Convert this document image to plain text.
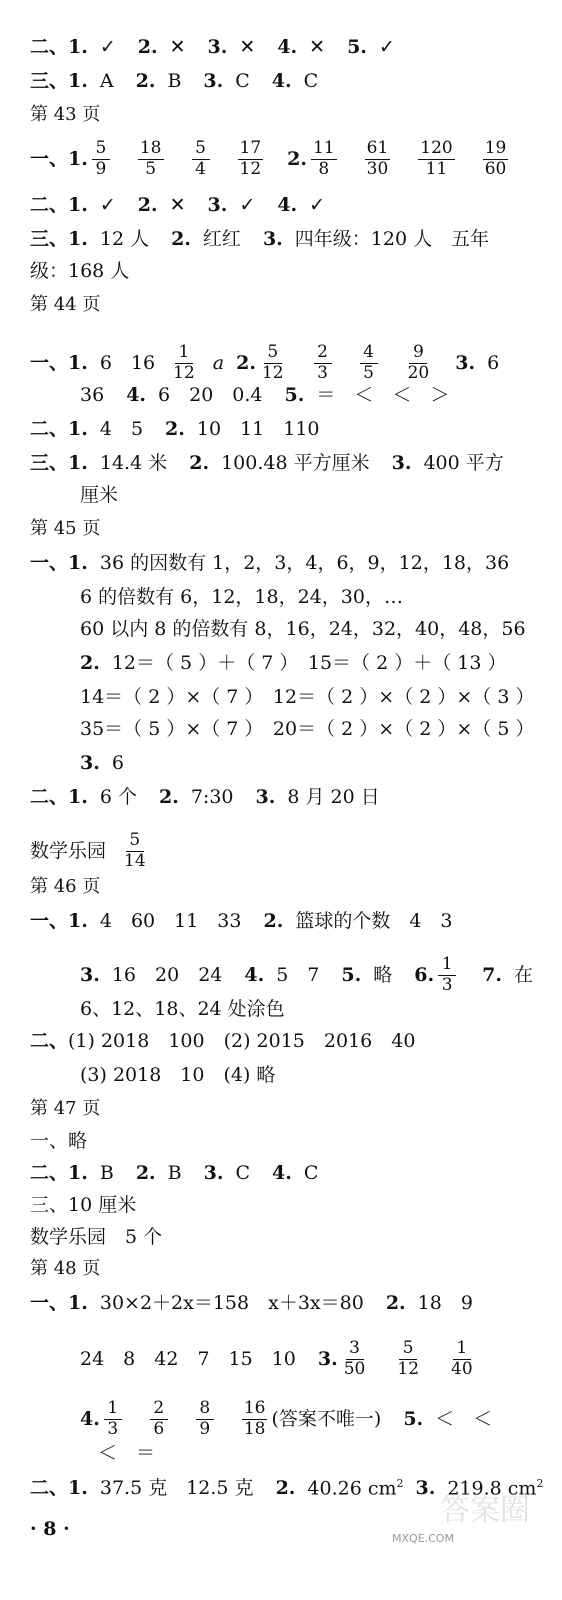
二、 1. ✓ 2. ✕ 3. ✕ 4. ✕ 5. ✓
三、 1. A 2. B 3. C 4. C
第 43 页
一、 1. $\frac{5}{9} \frac{18}{5} \frac{5}{4} \frac{17}{12} 2$. $\frac{11}{8} \frac{61}{30} \frac{120}{11} \frac{19}{60}$
二、 1. ✓ 2. ✕ 3. ✓ 4. ✓
三、 1. 12 人 2. 红红 3. 四年级：120 人　五年
级：168 人
第 44 页
一、 1. 6　$16 \frac{1}{12}$ a 2. $\frac{5}{12} \frac{2}{3} \frac{4}{5} \frac{9}{20} 3$. 6
36 4. 6　20　0.4 5. ＝　＜　＜　＞
二、 1. 4　5 2. 10　11　110
三、 1. 14.4 米 2. 100.48 平方厘米 3. 400 平方
厘米
第 45 页
一、 1. 36 的因数有 1，2，3，4，6，9，12，18，36
6 的倍数有 6，12，18，24，30，…
60 以内 8 的倍数有 8，16，24，32，40，48，56
2. 12＝（ 5 ）＋（ 7 ）　15＝（ 2 ）＋（ 13 ）
14＝（ 2 ）×（ 7 ）　12＝（ 2 ）×（ 2 ）×（ 3 ）
35＝（ 5 ）×（ 7 ）　20＝（ 2 ）×（ 2 ）×（ 5 ）
3. 6
二、 1. 6 个 2. 7:30 3. 8 月 20 日
数学乐园 $\frac{5}{14}$
第 46 页
一、 1. 4　60　11　33 2. 篮球的个数　4　3
3. 16　20　24 4. 5　7 5. 略 6. $\frac{1}{3} 7$. 在
6、12、18、24 处涂色
二、 (1) 2018　100　(2) 2015　2016　40
(3) 2018　10　(4) 略
第 47 页
一、略
二、 1. B 2. B 3. C 4. C
三、10 厘米
数学乐园　5 个
第 48 页
一、 1. 30×2＋2x＝158　x＋3x＝80 2. 18　9
24　8　42　7　15　10 3. $\frac{3}{50} \frac{5}{12} \frac{1}{40}$
4. $\frac{1}{3} \frac{2}{6} \frac{8}{9} \frac{16}{18}$ (答案不唯一) 5. ＜　＜
＜　＝
二、 1. 37.5 克　12.5 克 2. 40.26 $cm^2$ 3. 219.8 $cm^2$
· 8 ·
答案圈
MXQE.COM
